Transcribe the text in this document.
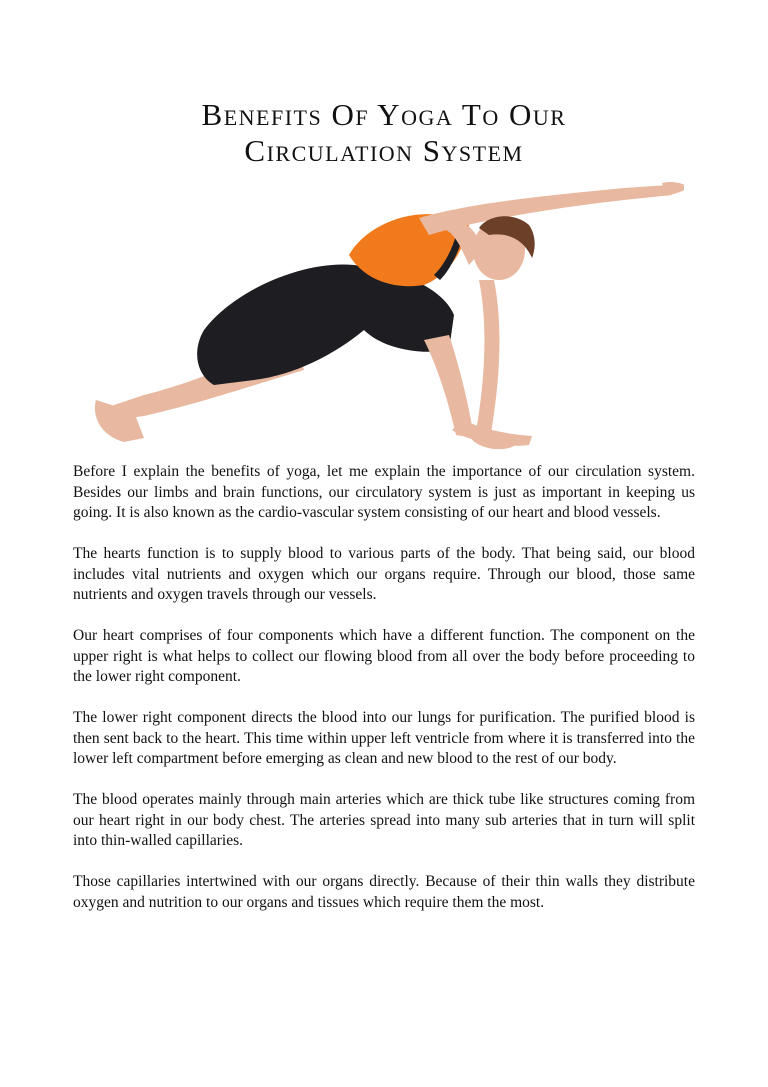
Benefits Of Yoga To Our
Circulation System

Before I explain the benefits of yoga, let me explain the importance of our circulation system. Besides our limbs and brain functions, our circulatory system is just as important in keeping us going. It is also known as the cardio-vascular system consisting of our heart and blood vessels.

The hearts function is to supply blood to various parts of the body. That being said, our blood includes vital nutrients and oxygen which our organs require. Through our blood, those same nutrients and oxygen travels through our vessels.

Our heart comprises of four components which have a different function. The component on the upper right is what helps to collect our flowing blood from all over the body before proceeding to the lower right component.

The lower right component directs the blood into our lungs for purification. The purified blood is then sent back to the heart. This time within upper left ventricle from where it is transferred into the lower left compartment before emerging as clean and new blood to the rest of our body.

The blood operates mainly through main arteries which are thick tube like structures coming from our heart right in our body chest. The arteries spread into many sub arteries that in turn will split into thin-walled capillaries.

Those capillaries intertwined with our organs directly. Because of their thin walls they distribute oxygen and nutrition to our organs and tissues which require them the most.
